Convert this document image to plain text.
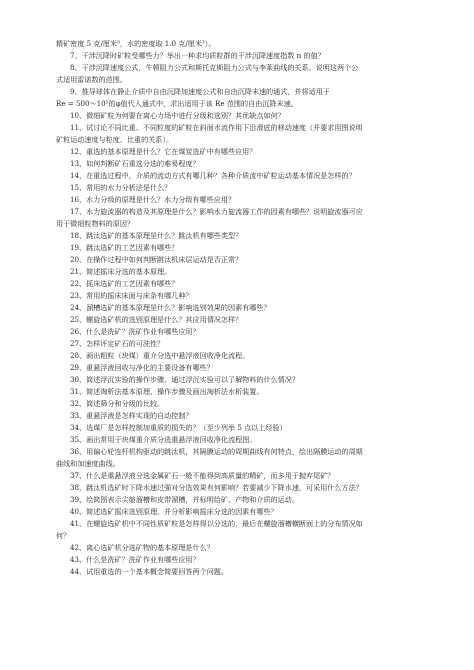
精矿密度 5 克/厘米³，水的密度取 1.0 克/厘米³）。
7、干涉沉降时矿粒受哪些力？举出一种求均质粒群的干涉沉降速度指数 n 的值？
8、干涉沉降速度公式，牛顿阻力公式和斯托克斯阻力公式与李莱曲线的关系。说明这两个公
式适用雷诺数的范围。
9、推导球体在静止介质中自由沉降加速度公式和自由沉降末速的通式，并将适用于
Re = 500～10⁵的φ值代入通式中，求出适用于该 Re 范围的自由沉降末速。
10、微细矿粒为何要在离心力场中进行分级和选别？其优缺点如何？
11、试讨论不同比重、不同粒度的矿粒在斜面水流作用下沿滑底的移动速度（并要求用图说明
矿粒运动速度与粒度、比重的关系）。
12、重选的基本原理是什么？它在煤炭选矿中有哪些应用？
13、如何判断矿石重选分选的难易程度？
14、在重选过程中，介质的流动方式有哪几种？各种介质流中矿粒运动基本情况是怎样的？
15、常用的水力分析法是什么？
16、水力分级的原理是什么？水力分级有哪些应用？
17、水力旋流器的构造及其原理是什么？影响水力旋流器工作的因素有哪些？说明旋流器可应
用于微细粒物料的原因？
18、跳汰选矿的基本原理是什么？跳汰机有哪些类型？
19、跳汰选矿的工艺因素有哪些？
20、在操作过程中如何判断跳汰机床层运动是否正常？
21、简述摇床分选的基本原理。
22、摇床选矿的工艺因素有哪些？
23、常用的摇床床面与床条有哪几种？
24、溜槽选矿的基本原理是什么？影响选别效果的因素有哪些？
25、螺旋选矿机的选别原理是什么？其应用情况怎样？
26、什么是洗矿？洗矿作业有哪些应用？
27、怎样评定矿石的可洗性？
28、画出粗粒（块煤）重介分选中悬浮液回收净化流程。
29、重悬浮液回收与净化的主要设备有哪些？
30、简述浮沉实验的操作步骤，通过浮沉实验可以了解物料的什么情况？
31、简述淘析法基本原理、操作步骤及画出淘析法水析装置。
32、简述筛分和分级的比较。
33、重悬浮液是怎样实现的自动控制？
34、选煤厂是怎样控制加重质的损失的？（至少列举 5 点以上经验）
35、画出常用于块煤重介质分选重悬浮液回收净化流程图。
36、用偏心轮连杆机构驱动的跳汰机，其隔膜运动的周期曲线有何特点，绘出隔膜运动的周期
曲线和加速度曲线。
37、什么是重悬浮液分选金属矿石一般不能得到高质量的精矿，而多用于抛弃尾矿？
38、跳汰机选矿时下降水速过强对分选效果有何影响？若要减少下降水速，可采用什么方法？
39、绘简图表示尖缩溜槽和皮带溜槽，并标明给矿、产物和介质的运动。
40、简述选矿摇床选别原理，并分析影响摇床分选的因素有哪些？
41、在螺旋选矿机中不同性质矿粒是怎样得以分选的，最后在螺旋溜槽横断面上的分布情况如
何？
42、离心选矿机分选矿物的基本原理是什么？
43、什么是洗矿？洗矿作业有哪些应用？
44、试用重选的一个基本概念简要回答两个问题。
